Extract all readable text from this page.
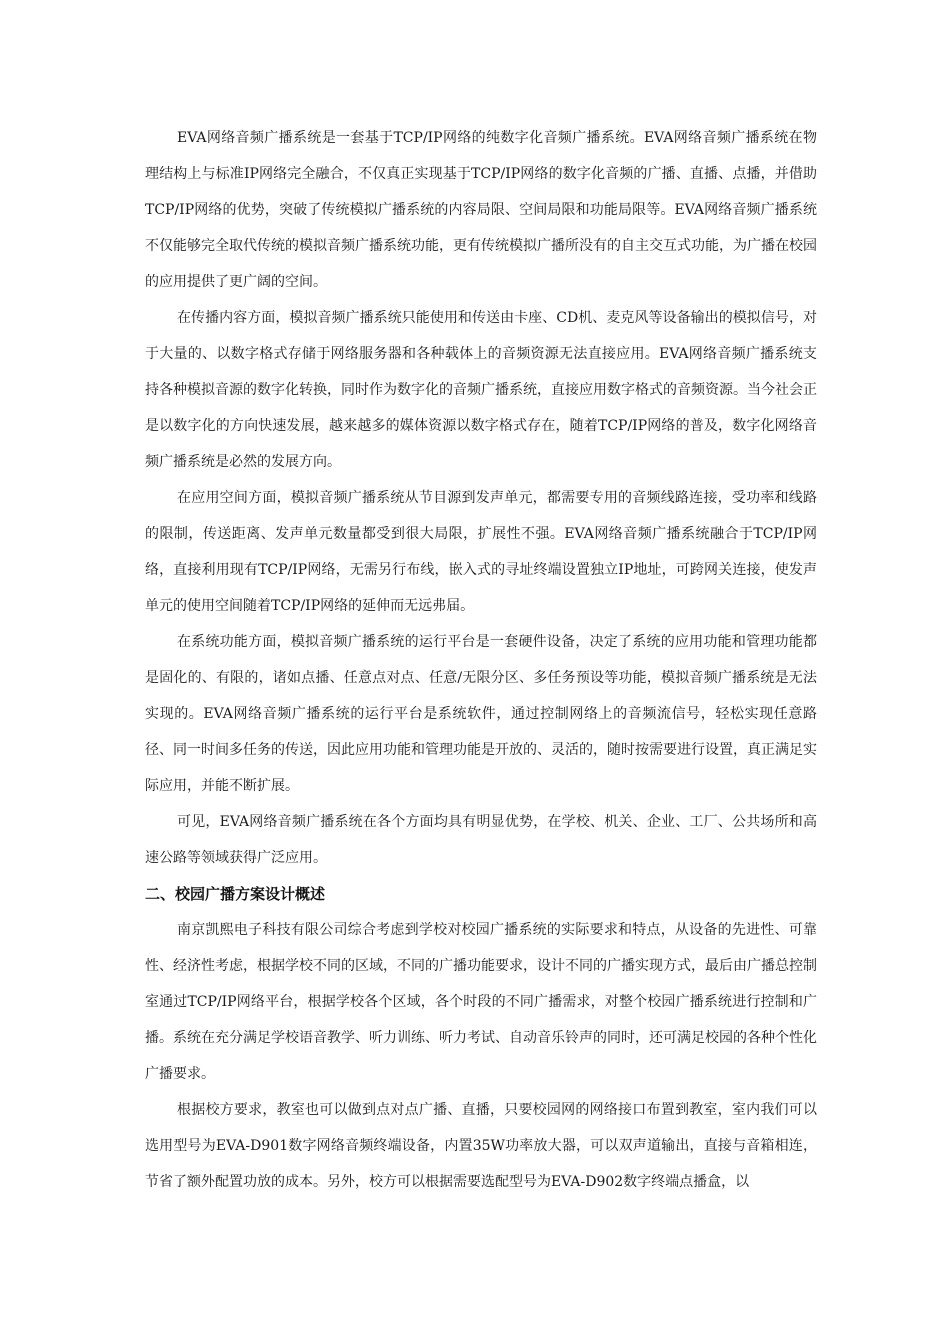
EVA网络音频广播系统是一套基于TCP/IP网络的纯数字化音频广播系统。EVA网络音频广播系统在物理结构上与标准IP网络完全融合，不仅真正实现基于TCP/IP网络的数字化音频的广播、直播、点播，并借助TCP/IP网络的优势，突破了传统模拟广播系统的内容局限、空间局限和功能局限等。EVA网络音频广播系统不仅能够完全取代传统的模拟音频广播系统功能，更有传统模拟广播所没有的自主交互式功能，为广播在校园的应用提供了更广阔的空间。

在传播内容方面，模拟音频广播系统只能使用和传送由卡座、CD机、麦克风等设备输出的模拟信号，对于大量的、以数字格式存储于网络服务器和各种载体上的音频资源无法直接应用。EVA网络音频广播系统支持各种模拟音源的数字化转换，同时作为数字化的音频广播系统，直接应用数字格式的音频资源。当今社会正是以数字化的方向快速发展，越来越多的媒体资源以数字格式存在，随着TCP/IP网络的普及，数字化网络音频广播系统是必然的发展方向。

在应用空间方面，模拟音频广播系统从节目源到发声单元，都需要专用的音频线路连接，受功率和线路的限制，传送距离、发声单元数量都受到很大局限，扩展性不强。EVA网络音频广播系统融合于TCP/IP网络，直接利用现有TCP/IP网络，无需另行布线，嵌入式的寻址终端设置独立IP地址，可跨网关连接，使发声单元的使用空间随着TCP/IP网络的延伸而无远弗届。

在系统功能方面，模拟音频广播系统的运行平台是一套硬件设备，决定了系统的应用功能和管理功能都是固化的、有限的，诸如点播、任意点对点、任意/无限分区、多任务预设等功能，模拟音频广播系统是无法实现的。EVA网络音频广播系统的运行平台是系统软件，通过控制网络上的音频流信号，轻松实现任意路径、同一时间多任务的传送，因此应用功能和管理功能是开放的、灵活的，随时按需要进行设置，真正满足实际应用，并能不断扩展。

可见，EVA网络音频广播系统在各个方面均具有明显优势，在学校、机关、企业、工厂、公共场所和高速公路等领域获得广泛应用。

二、校园广播方案设计概述

南京凯熙电子科技有限公司综合考虑到学校对校园广播系统的实际要求和特点，从设备的先进性、可靠性、经济性考虑，根据学校不同的区域，不同的广播功能要求，设计不同的广播实现方式，最后由广播总控制室通过TCP/IP网络平台，根据学校各个区域，各个时段的不同广播需求，对整个校园广播系统进行控制和广播。系统在充分满足学校语音教学、听力训练、听力考试、自动音乐铃声的同时，还可满足校园的各种个性化广播要求。

根据校方要求，教室也可以做到点对点广播、直播，只要校园网的网络接口布置到教室，室内我们可以选用型号为EVA-D901数字网络音频终端设备，内置35W功率放大器，可以双声道输出，直接与音箱相连，节省了额外配置功放的成本。另外，校方可以根据需要选配型号为EVA-D902数字终端点播盒，以
